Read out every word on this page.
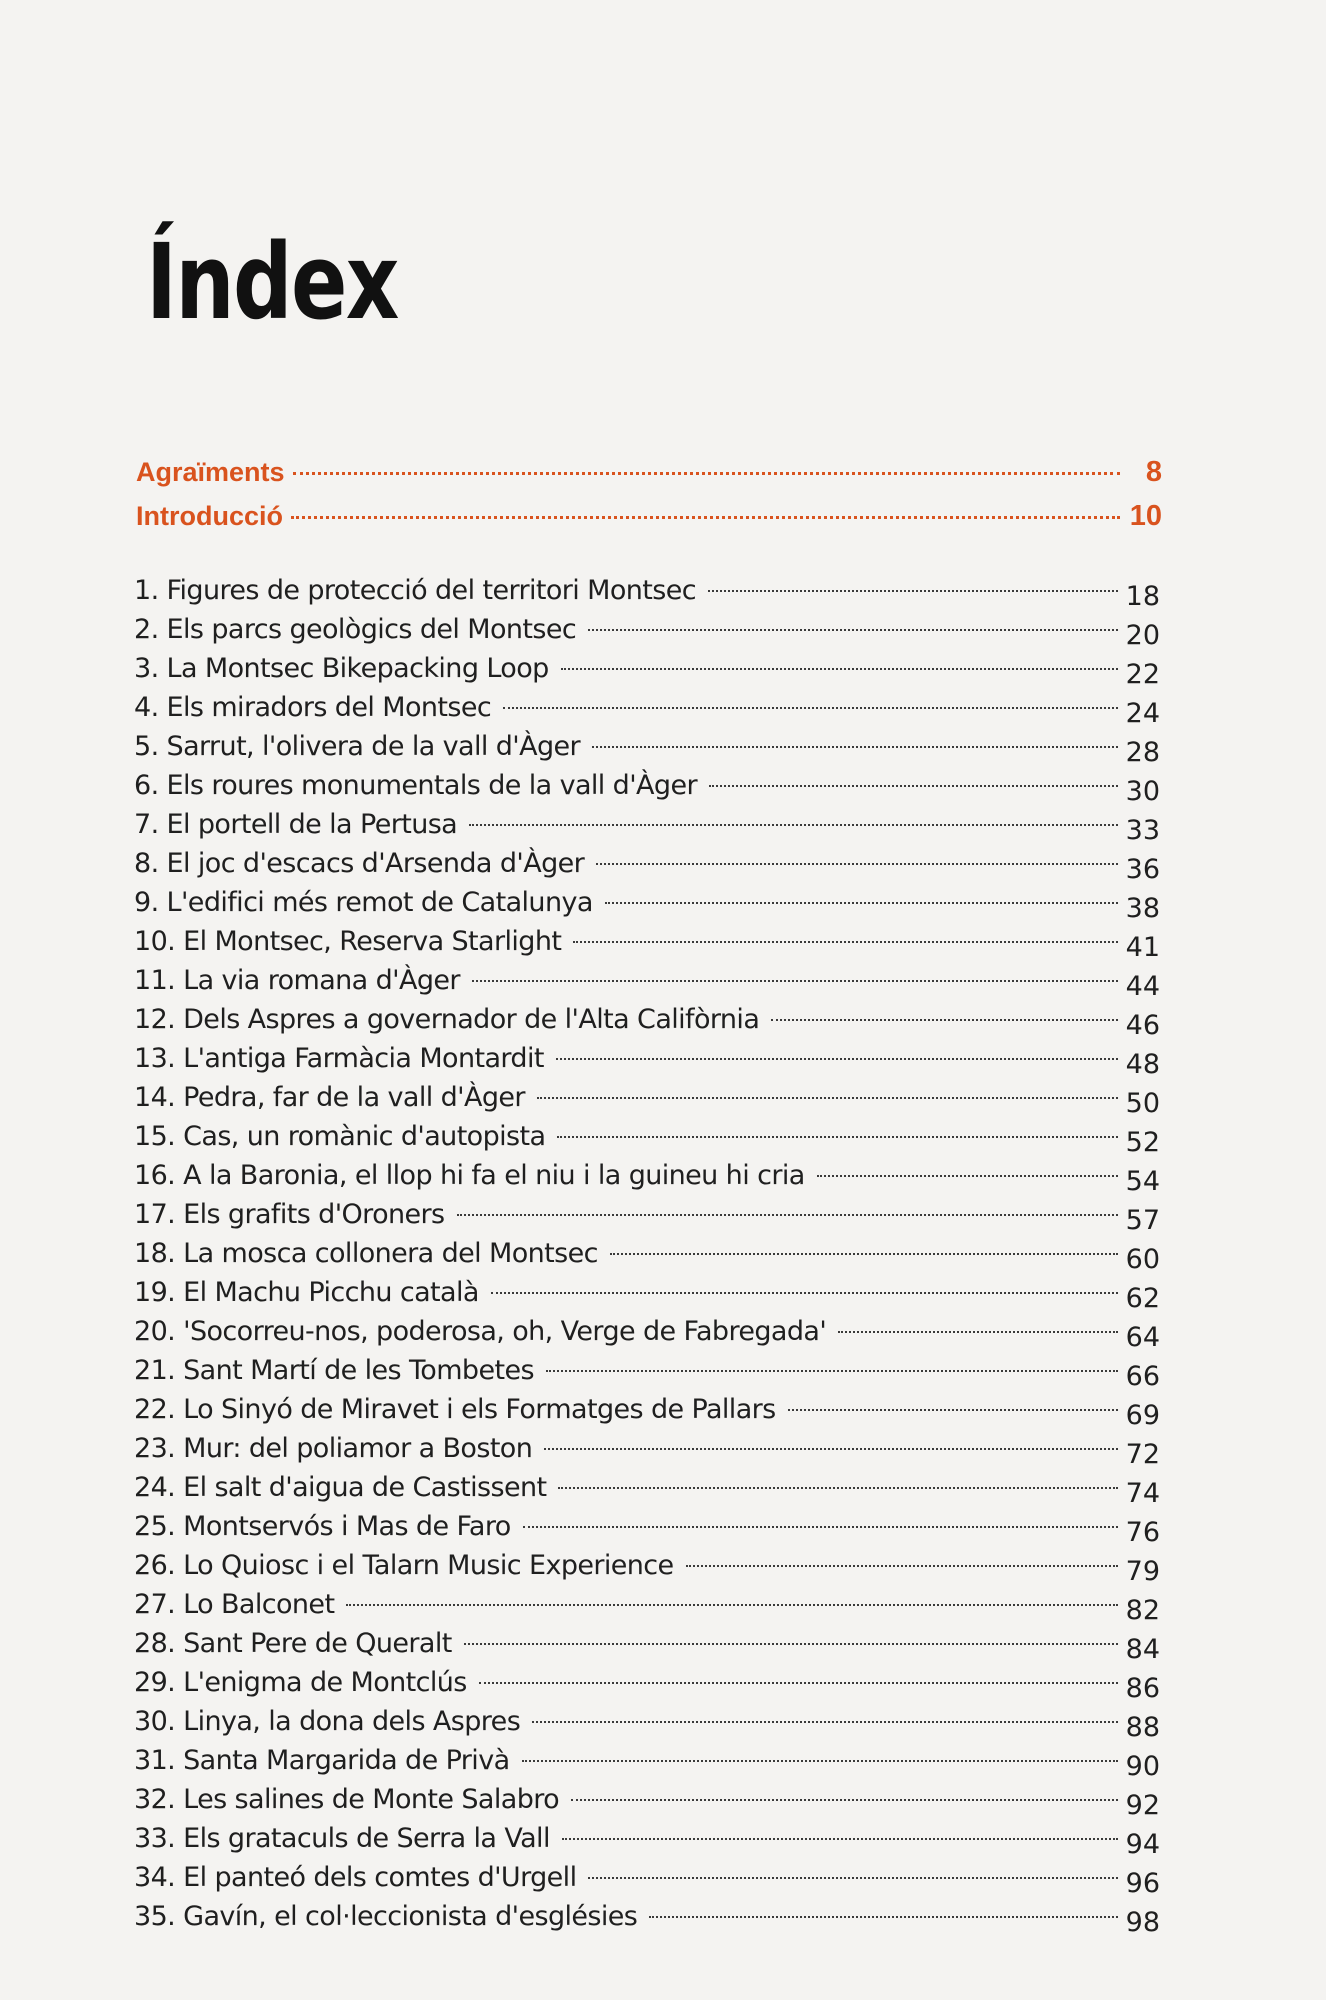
Índex
Agraïments	8
Introducció	10
1. Figures de protecció del territori Montsec	18
2. Els parcs geològics del Montsec	20
3. La Montsec Bikepacking Loop	22
4. Els miradors del Montsec	24
5. Sarrut, l'olivera de la vall d'Àger	28
6. Els roures monumentals de la vall d'Àger	30
7. El portell de la Pertusa	33
8. El joc d'escacs d'Arsenda d'Àger	36
9. L'edifici més remot de Catalunya	38
10. El Montsec, Reserva Starlight	41
11. La via romana d'Àger	44
12. Dels Aspres a governador de l'Alta Califòrnia	46
13. L'antiga Farmàcia Montardit	48
14. Pedra, far de la vall d'Àger	50
15. Cas, un romànic d'autopista	52
16. A la Baronia, el llop hi fa el niu i la guineu hi cria	54
17. Els grafits d'Oroners	57
18. La mosca collonera del Montsec	60
19. El Machu Picchu català	62
20. 'Socorreu-nos, poderosa, oh, Verge de Fabregada'	64
21. Sant Martí de les Tombetes	66
22. Lo Sinyó de Miravet i els Formatges de Pallars	69
23. Mur: del poliamor a Boston	72
24. El salt d'aigua de Castissent	74
25. Montservós i Mas de Faro	76
26. Lo Quiosc i el Talarn Music Experience	79
27. Lo Balconet	82
28. Sant Pere de Queralt	84
29. L'enigma de Montclús	86
30. Linya, la dona dels Aspres	88
31. Santa Margarida de Privà	90
32. Les salines de Monte Salabro	92
33. Els grataculs de Serra la Vall	94
34. El panteó dels comtes d'Urgell	96
35. Gavín, el col·leccionista d'esglésies	98
